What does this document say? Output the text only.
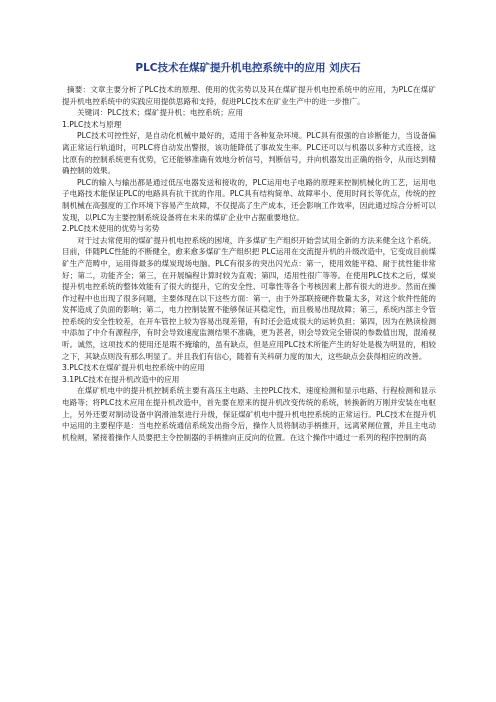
PLC技术在煤矿提升机电控系统中的应用 刘庆石

摘要：文章主要分析了PLC技术的原理、使用的优劣势以及其在煤矿提升机电控系统中的应用，为PLC在煤矿提升机电控系统中的实践应用提供思路和支持，促进PLC技术在矿业生产中的进一步推广。

关键词：PLC技术；煤矿提升机；电控系统；应用

1.PLC技术与原理

PLC技术可控性好，是自动化机械中最好的，适用于各种复杂环境。PLC具有很强的自诊断能力，当设备偏离正常运行轨道时，可PLC将自动发出警报，该功能降低了事故发生率。PLC还可以与机器以多种方式连接，这比原有的控制系统更有优势，它还能够准确有效地分析信号，判断信号，并向机器发出正确的指令，从而达到精确控制的效果。

PLC的输入与输出都是通过低压电器发送和接收的，PLC运用电子电路的原理来控制机械化的工艺，运用电子电路技术能保证PLC的电路具有抗干扰的作用。PLC具有结构简单、故障率小、使用时间长等优点，传统的控制机械在高强度的工作环境下容易产生故障，不仅提高了生产成本，还会影响工作效率，因此通过综合分析可以发现，以PLC为主要控制系统设备将在未来的煤矿企业中占据重要地位。

2.PLC技术使用的优势与劣势

对于过去常使用的煤矿提升机电控系统的困境，许多煤矿生产组织开始尝试用全新的方法来健全这个系统。目前，伴随PLC性能的不断健全，愈来愈多煤矿生产组织把 PLC运用在交流提升机的升级改造中，它变成目前煤矿生产范畴中，运用得最多的煤炭现场电脑。PLC有很多的突出闪光点：第一，使用效能平稳、耐于扰性能非常好；第二，功能齐全；第三，在开展编程计算时较为直观；第四，适用性很广等等。在使用PLC技术之后，煤炭提升机电控系统的整体效能有了很大的提升，它的安全性、可靠性等各个考核因素上都有很大的进步。然而在操作过程中也出现了很多问题，主要体现在以下这些方面：第一，由于外部联接硬件数量太多，对这个软件性能的发挥造成了负面的影响；第二，电力控制装置不能够保证其稳定性，而且极易出现故障；第三，系统内部主令管控系统的安全性较差，在开车管控上较为容易出现差错，有时还会造成很大的运转负担；第四，因为在熟读检测中添加了中介有源程序，有时会导致速度监测结果不准确，更为甚者，则会导致完全错误的参数值出现，混淆视听。诚然，这项技术的使用还是瑕不掩瑜的，虽有缺点，但是应用PLC技术所能产生的好处是极为明显的，相较之下，其缺点则没有那么明显了。并且我们有信心，随着有关科研力度的加大，这些缺点会获得相应的改善。

3.PLC技术在煤矿提升机电控系统中的应用

3.1PLC技术在提升机改造中的应用

在煤矿机电中的提升机控制系统主要有高压主电路、主控PLC技术、速度检测和显示电路、行程检测和显示电路等；将PLC技术应用在提升机改造中，首先要在原来的提升机改变传统的系统，转换新的万刚并安装在电枢上，另外还要对制动设备中润滑油泵进行升级，保证煤矿机电中提升机电控系统的正常运行。PLC技术在提升机中运用的主要程序是：当电控系统通信系统发出指令后，操作人员将制动手柄推开，远离紧闸位置，并且主电动机检闸，紧接着操作人员要把主令控制器的手柄推向正反向的位置。在这个操作中通过一系列的程序控制的高
